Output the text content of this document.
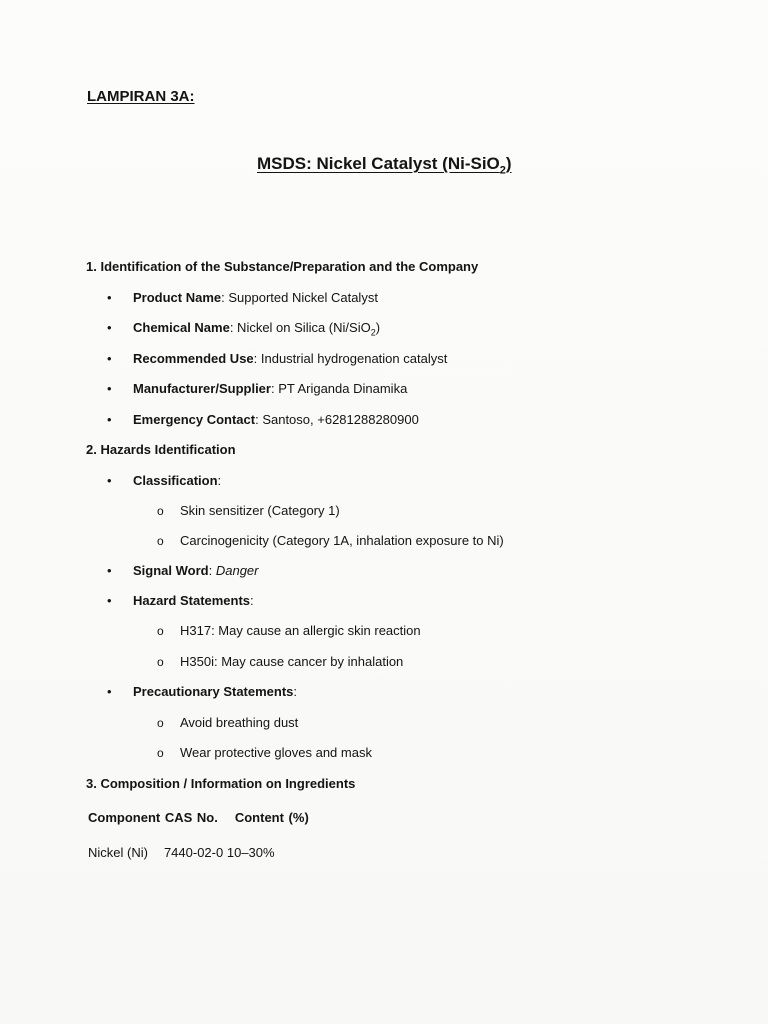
LAMPIRAN 3A:
MSDS: Nickel Catalyst (Ni-SiO$_2$)
1. Identification of the Substance/Preparation and the Company
• Product Name: Supported Nickel Catalyst
• Chemical Name: Nickel on Silica (Ni/SiO$_2$)
• Recommended Use: Industrial hydrogenation catalyst
• Manufacturer/Supplier: PT Ariganda Dinamika
• Emergency Contact: Santoso, +6281288280900
2. Hazards Identification
• Classification:
o Skin sensitizer (Category 1)
o Carcinogenicity (Category 1A, inhalation exposure to Ni)
• Signal Word: Danger
• Hazard Statements:
o H317: May cause an allergic skin reaction
o H350i: May cause cancer by inhalation
• Precautionary Statements:
o Avoid breathing dust
o Wear protective gloves and mask
3. Composition / Information on Ingredients
Component CAS No. Content (%)
Nickel (Ni) 7440-02-0 10–30%
